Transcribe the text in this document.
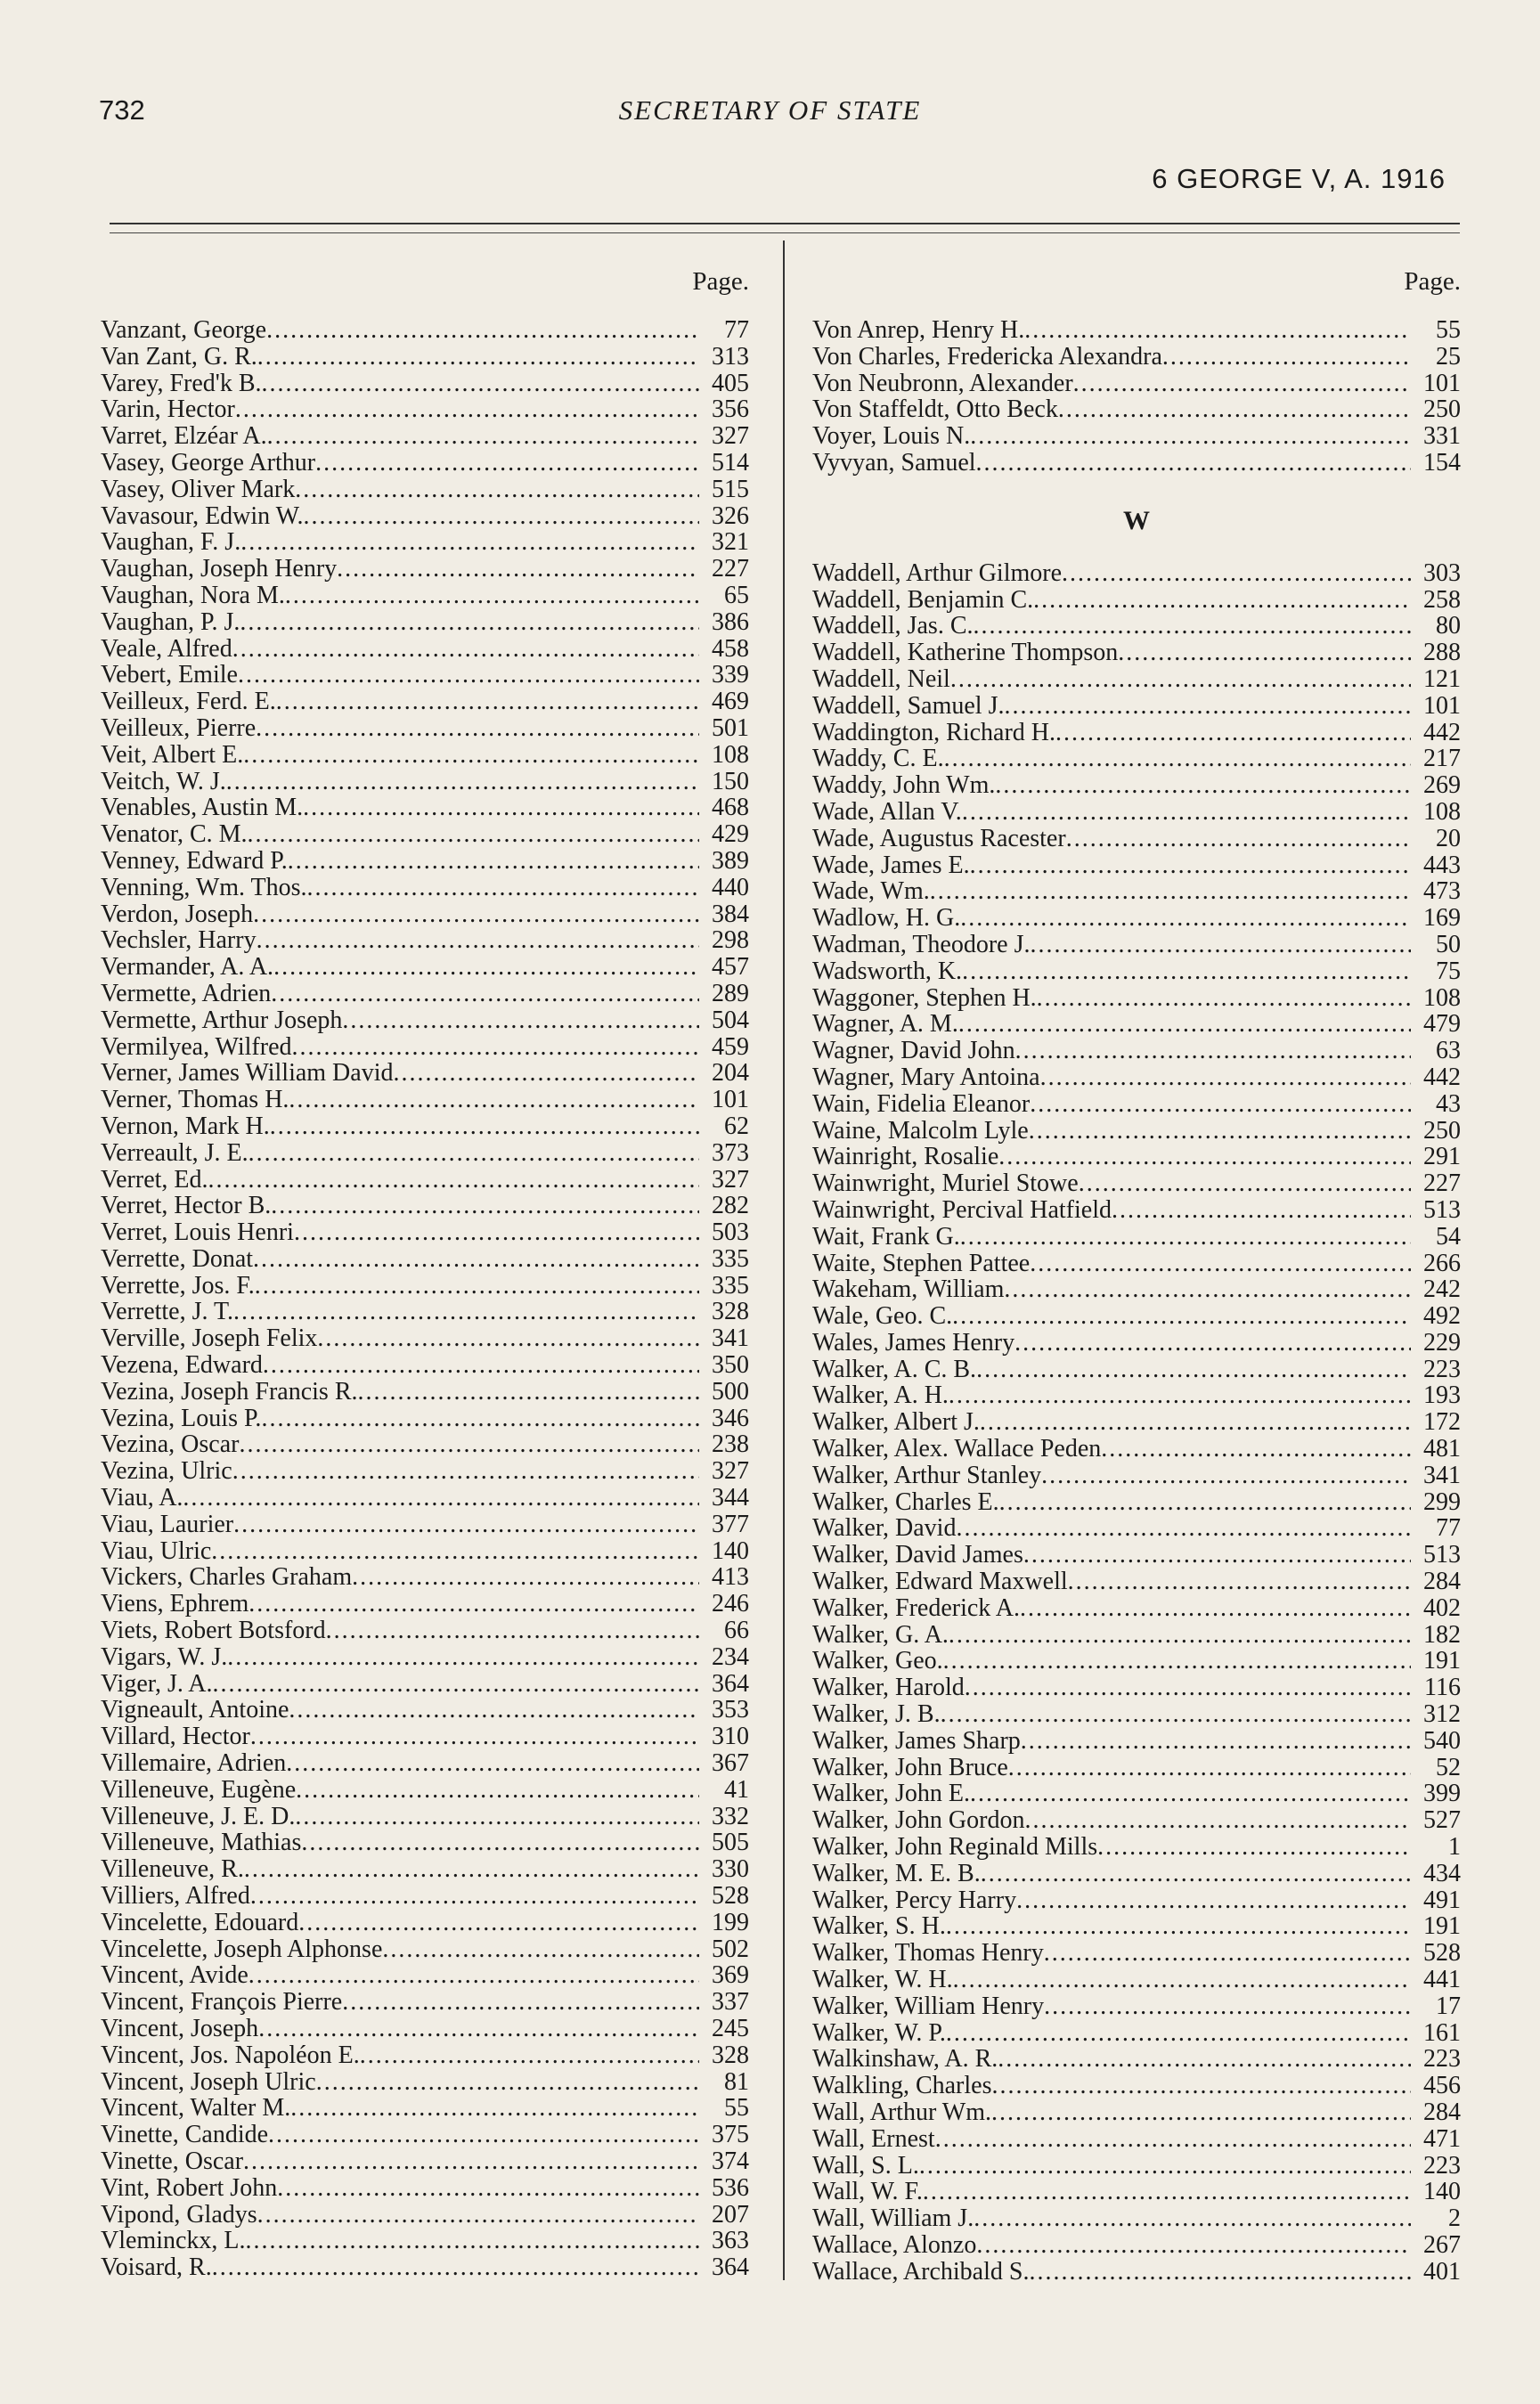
732	SECRETARY OF STATE
6 GEORGE V, A. 1916
Page.
Vanzant, George .....	77
Van Zant, G. R. .....	313
Varey, Fred'k B. .....	405
Varin, Hector .....	356
Varret, Elzéar A. .....	327
Vasey, George Arthur .....	514
Vasey, Oliver Mark .....	515
Vavasour, Edwin W. .....	326
Vaughan, F. J. .....	321
Vaughan, Joseph Henry .....	227
Vaughan, Nora M. .....	65
Vaughan, P. J. .....	386
Veale, Alfred .....	458
Vebert, Emile .....	339
Veilleux, Ferd. E. .....	469
Veilleux, Pierre .....	501
Veit, Albert E. .....	108
Veitch, W. J. .....	150
Venables, Austin M. .....	468
Venator, C. M. .....	429
Venney, Edward P. .....	389
Venning, Wm. Thos. .....	440
Verdon, Joseph .....	384
Vechsler, Harry .....	298
Vermander, A. A. .....	457
Vermette, Adrien .....	289
Vermette, Arthur Joseph .....	504
Vermilyea, Wilfred .....	459
Verner, James William David .....	204
Verner, Thomas H. .....	101
Vernon, Mark H. .....	62
Verreault, J. E. .....	373
Verret, Ed. .....	327
Verret, Hector B. .....	282
Verret, Louis Henri .....	503
Verrette, Donat .....	335
Verrette, Jos. F. .....	335
Verrette, J. T. .....	328
Verville, Joseph Felix .....	341
Vezena, Edward .....	350
Vezina, Joseph Francis R. .....	500
Vezina, Louis P. .....	346
Vezina, Oscar .....	238
Vezina, Ulric .....	327
Viau, A. .....	344
Viau, Laurier .....	377
Viau, Ulric .....	140
Vickers, Charles Graham .....	413
Viens, Ephrem .....	246
Viets, Robert Botsford .....	66
Vigars, W. J. .....	234
Viger, J. A. .....	364
Vigneault, Antoine .....	353
Villard, Hector .....	310
Villemaire, Adrien .....	367
Villeneuve, Eugène .....	41
Villeneuve, J. E. D. .....	332
Villeneuve, Mathias .....	505
Villeneuve, R. .....	330
Villiers, Alfred .....	528
Vincelette, Edouard .....	199
Vincelette, Joseph Alphonse .....	502
Vincent, Avide .....	369
Vincent, François Pierre .....	337
Vincent, Joseph .....	245
Vincent, Jos. Napoléon E. .....	328
Vincent, Joseph Ulric .....	81
Vincent, Walter M. .....	55
Vinette, Candide .....	375
Vinette, Oscar .....	374
Vint, Robert John .....	536
Vipond, Gladys .....	207
Vleminckx, L. .....	363
Voisard, R. .....	364
Page.
Von Anrep, Henry H. .....	55
Von Charles, Fredericka Alexandra .....	25
Von Neubronn, Alexander .....	101
Von Staffeldt, Otto Beck .....	250
Voyer, Louis N. .....	331
Vyvyan, Samuel .....	154
W
Waddell, Arthur Gilmore .....	303
Waddell, Benjamin C. .....	258
Waddell, Jas. C. .....	80
Waddell, Katherine Thompson .....	288
Waddell, Neil .....	121
Waddell, Samuel J. .....	101
Waddington, Richard H. .....	442
Waddy, C. E. .....	217
Waddy, John Wm. .....	269
Wade, Allan V. .....	108
Wade, Augustus Racester .....	20
Wade, James E. .....	443
Wade, Wm. .....	473
Wadlow, H. G. .....	169
Wadman, Theodore J. .....	50
Wadsworth, K. .....	75
Waggoner, Stephen H. .....	108
Wagner, A. M. .....	479
Wagner, David John .....	63
Wagner, Mary Antoina .....	442
Wain, Fidelia Eleanor .....	43
Waine, Malcolm Lyle .....	250
Wainright, Rosalie .....	291
Wainwright, Muriel Stowe .....	227
Wainwright, Percival Hatfield .....	513
Wait, Frank G. .....	54
Waite, Stephen Pattee .....	266
Wakeham, William .....	242
Wale, Geo. C. .....	492
Wales, James Henry .....	229
Walker, A. C. B. .....	223
Walker, A. H. .....	193
Walker, Albert J. .....	172
Walker, Alex. Wallace Peden .....	481
Walker, Arthur Stanley .....	341
Walker, Charles E. .....	299
Walker, David .....	77
Walker, David James .....	513
Walker, Edward Maxwell .....	284
Walker, Frederick A. .....	402
Walker, G. A. .....	182
Walker, Geo. .....	191
Walker, Harold .....	116
Walker, J. B. .....	312
Walker, James Sharp .....	540
Walker, John Bruce .....	52
Walker, John E. .....	399
Walker, John Gordon .....	527
Walker, John Reginald Mills .....	1
Walker, M. E. B. .....	434
Walker, Percy Harry .....	491
Walker, S. H. .....	191
Walker, Thomas Henry .....	528
Walker, W. H. .....	441
Walker, William Henry .....	17
Walker, W. P. .....	161
Walkinshaw, A. R. .....	223
Walkling, Charles .....	456
Wall, Arthur Wm. .....	284
Wall, Ernest .....	471
Wall, S. L. .....	223
Wall, W. F. .....	140
Wall, William J. .....	2
Wallace, Alonzo .....	267
Wallace, Archibald S. .....	401
